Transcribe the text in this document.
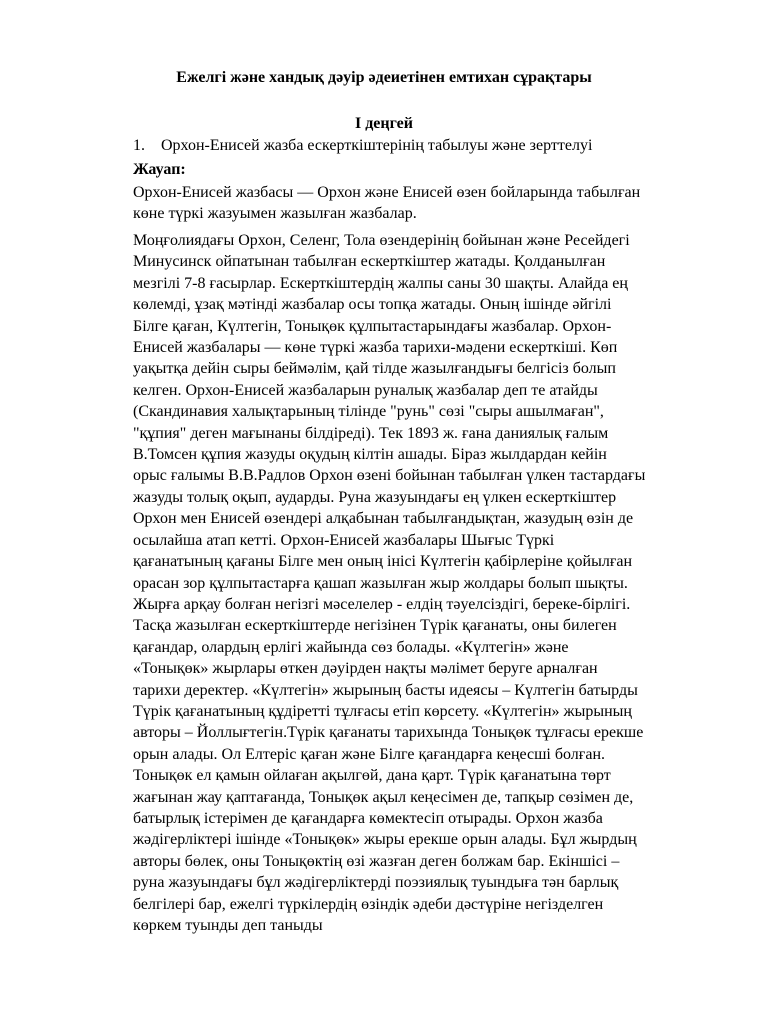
Ежелгі және хандық дәуір әдеиетінен емтихан сұрақтары
I деңгей
1. Орхон-Енисей жазба ескерткіштерінің табылуы және зерттелуі
Жауап:

Орхон-Енисей жазбасы — Орхон және Енисей өзен бойларында табылған
көне түркі жазуымен жазылған жазбалар.

Моңғолиядағы Орхон, Селенг, Тола өзендерінің бойынан және Ресейдегі
Минусинск ойпатынан табылған ескерткіштер жатады. Қолданылған
мезгілі 7-8 ғасырлар. Ескерткіштердің жалпы саны 30 шақты. Алайда ең
көлемді, ұзақ мәтінді жазбалар осы топқа жатады. Оның ішінде әйгілі
Білге қаған, Күлтегін, Тонықөк құлпытастарындағы жазбалар. Орхон-
Енисей жазбалары — көне түркі жазба тарихи-мәдени ескерткіші. Көп
уақытқа дейін сыры беймәлім, қай тілде жазылғандығы белгісіз болып
келген. Орхон-Енисей жазбаларын руналық жазбалар деп те атайды
(Скандинавия халықтарының тілінде "рунь" сөзі "сыры ашылмаған",
"құпия" деген мағынаны білдіреді). Тек 1893 ж. ғана даниялық ғалым
В.Томсен құпия жазуды оқудың кілтін ашады. Біраз жылдардан кейін
орыс ғалымы В.В.Радлов Орхон өзені бойынан табылған үлкен тастардағы
жазуды толық оқып, аударды. Руна жазуындағы ең үлкен ескерткіштер
Орхон мен Енисей өзендері алқабынан табылғандықтан, жазудың өзін де
осылайша атап кетті. Орхон-Енисей жазбалары Шығыс Түркі
қағанатының қағаны Білге мен оның інісі Күлтегін қабірлеріне қойылған
орасан зор құлпытастарға қашап жазылған жыр жолдары болып шықты.
Жырға арқау болған негізгі мәселелер - елдің тәуелсіздігі, береке-бірлігі.
Тасқа жазылған ескерткіштерде негізінен Түрік қағанаты, оны билеген
қағандар, олардың ерлігі жайында сөз болады. «Күлтегін» және
«Тонықөк» жырлары өткен дәуірден нақты мәлімет беруге арналған
тарихи деректер. «Күлтегін» жырының басты идеясы – Күлтегін батырды
Түрік қағанатының құдіретті тұлғасы етіп көрсету. «Күлтегін» жырының
авторы – Йоллығтегін.Түрік қағанаты тарихында Тонықөк тұлғасы ерекше
орын алады. Ол Елтеріс қаған және Білге қағандарға кеңесші болған.
Тонықөк ел қамын ойлаған ақылгөй, дана қарт. Түрік қағанатына төрт
жағынан жау қаптағанда, Тонықөк ақыл кеңесімен де, тапқыр сөзімен де,
батырлық істерімен де қағандарға көмектесіп отырады. Орхон жазба
жәдігерліктері ішінде «Тонықөк» жыры ерекше орын алады. Бұл жырдың
авторы бөлек, оны Тонықөктің өзі жазған деген болжам бар. Екіншісі –
руна жазуындағы бұл жәдігерліктерді поэзиялық туындыға тән барлық
белгілері бар, ежелгі түркілердің өзіндік әдеби дәстүріне негізделген
көркем туынды деп таныды
